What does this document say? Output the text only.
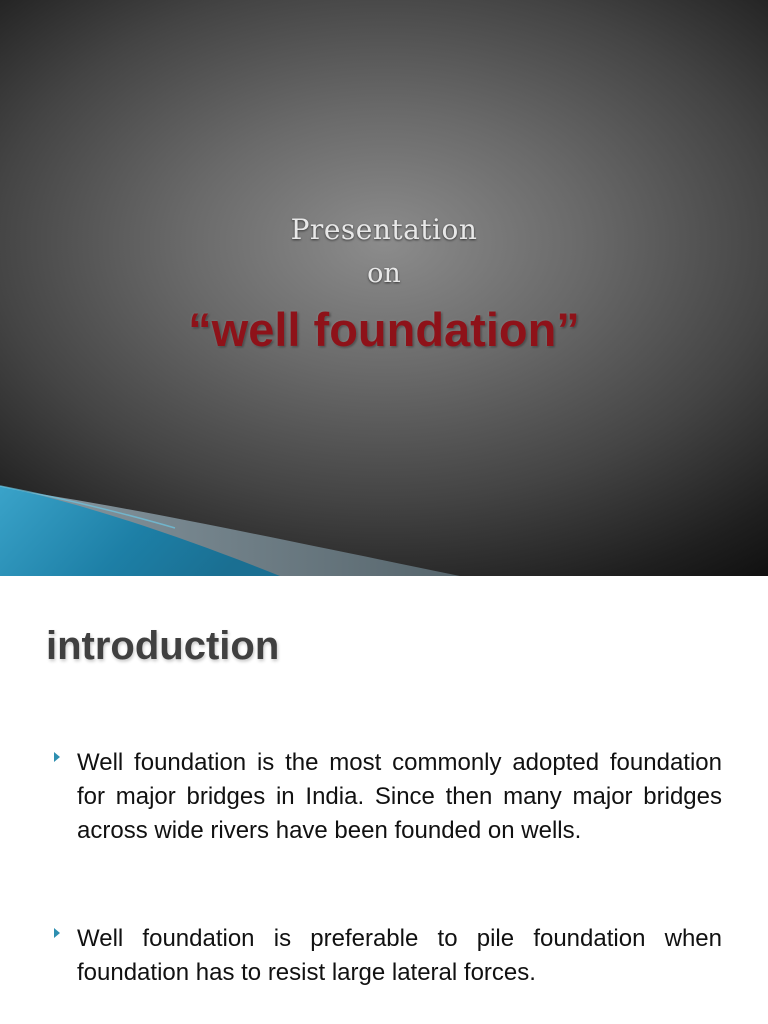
Presentation
on
“well foundation”
introduction
Well foundation is the most commonly adopted foundation for major bridges in India. Since then many major bridges across wide rivers have been founded on wells.
Well foundation is preferable to pile foundation when foundation has to resist large lateral forces.
